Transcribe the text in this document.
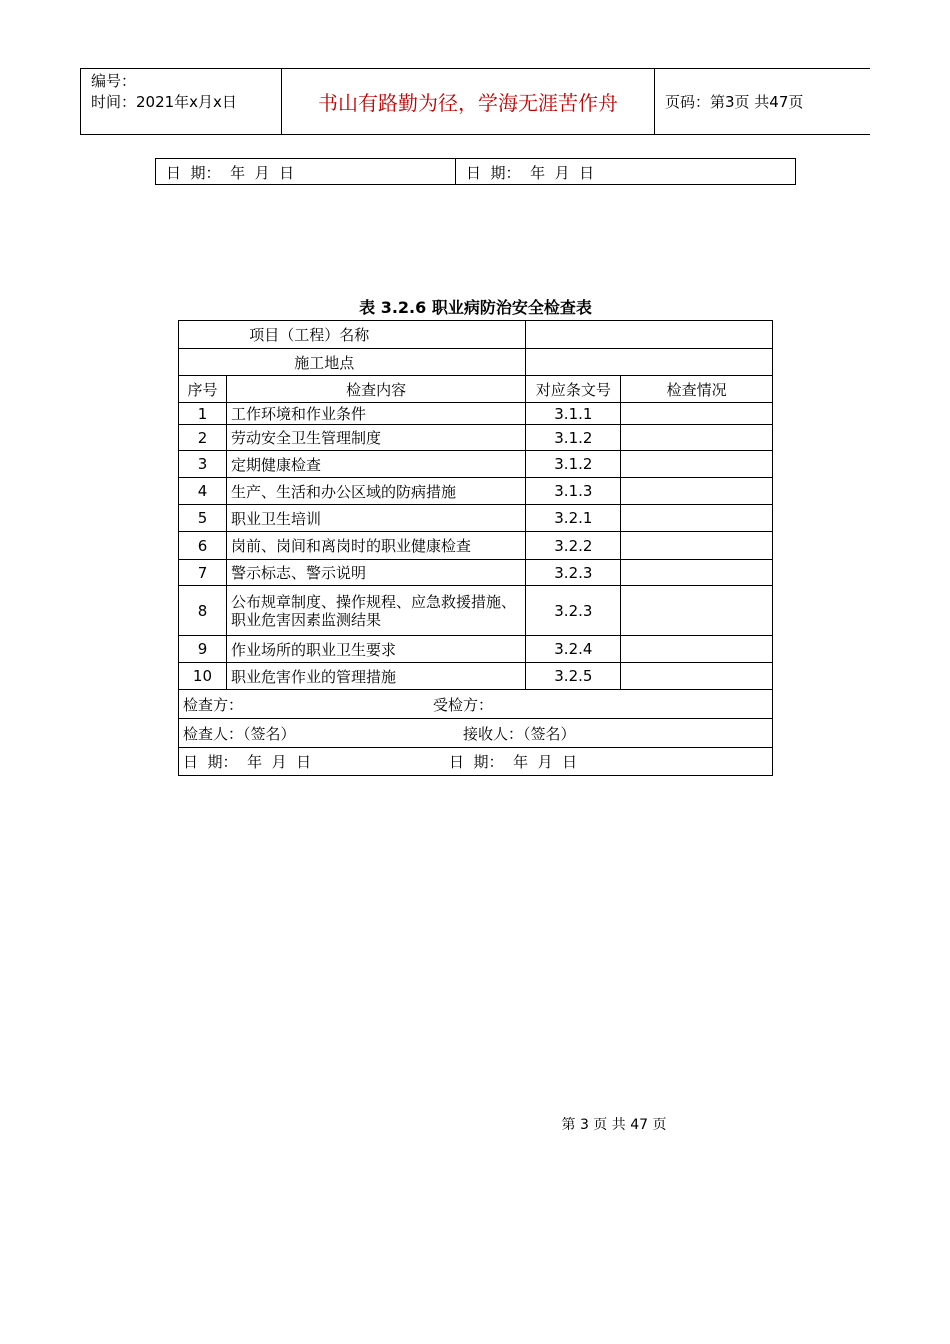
编号：
时间：2021年x月x日	书山有路勤为径，学海无涯苦作舟	页码：第3页 共47页
日  期：  年  月  日	日  期：  年  月  日
表 3.2.6 职业病防治安全检查表
项目（工程）名称			
施工地点			
序号	检查内容	对应条文号	检查情况
1	工作环境和作业条件	3.1.1	
2	劳动安全卫生管理制度	3.1.2	
3	定期健康检查	3.1.2	
4	生产、生活和办公区域的防病措施	3.1.3	
5	职业卫生培训	3.2.1	
6	岗前、岗间和离岗时的职业健康检查	3.2.2	
7	警示标志、警示说明	3.2.3	
8	公布规章制度、操作规程、应急救援措施、职业危害因素监测结果	3.2.3	
9	作业场所的职业卫生要求	3.2.4	
10	职业危害作业的管理措施	3.2.5	
检查方： 受检方：			
检查人：（签名） 接收人：（签名）			
日  期：  年  月  日 日  期：  年  月  日			
第 3 页 共 47 页
